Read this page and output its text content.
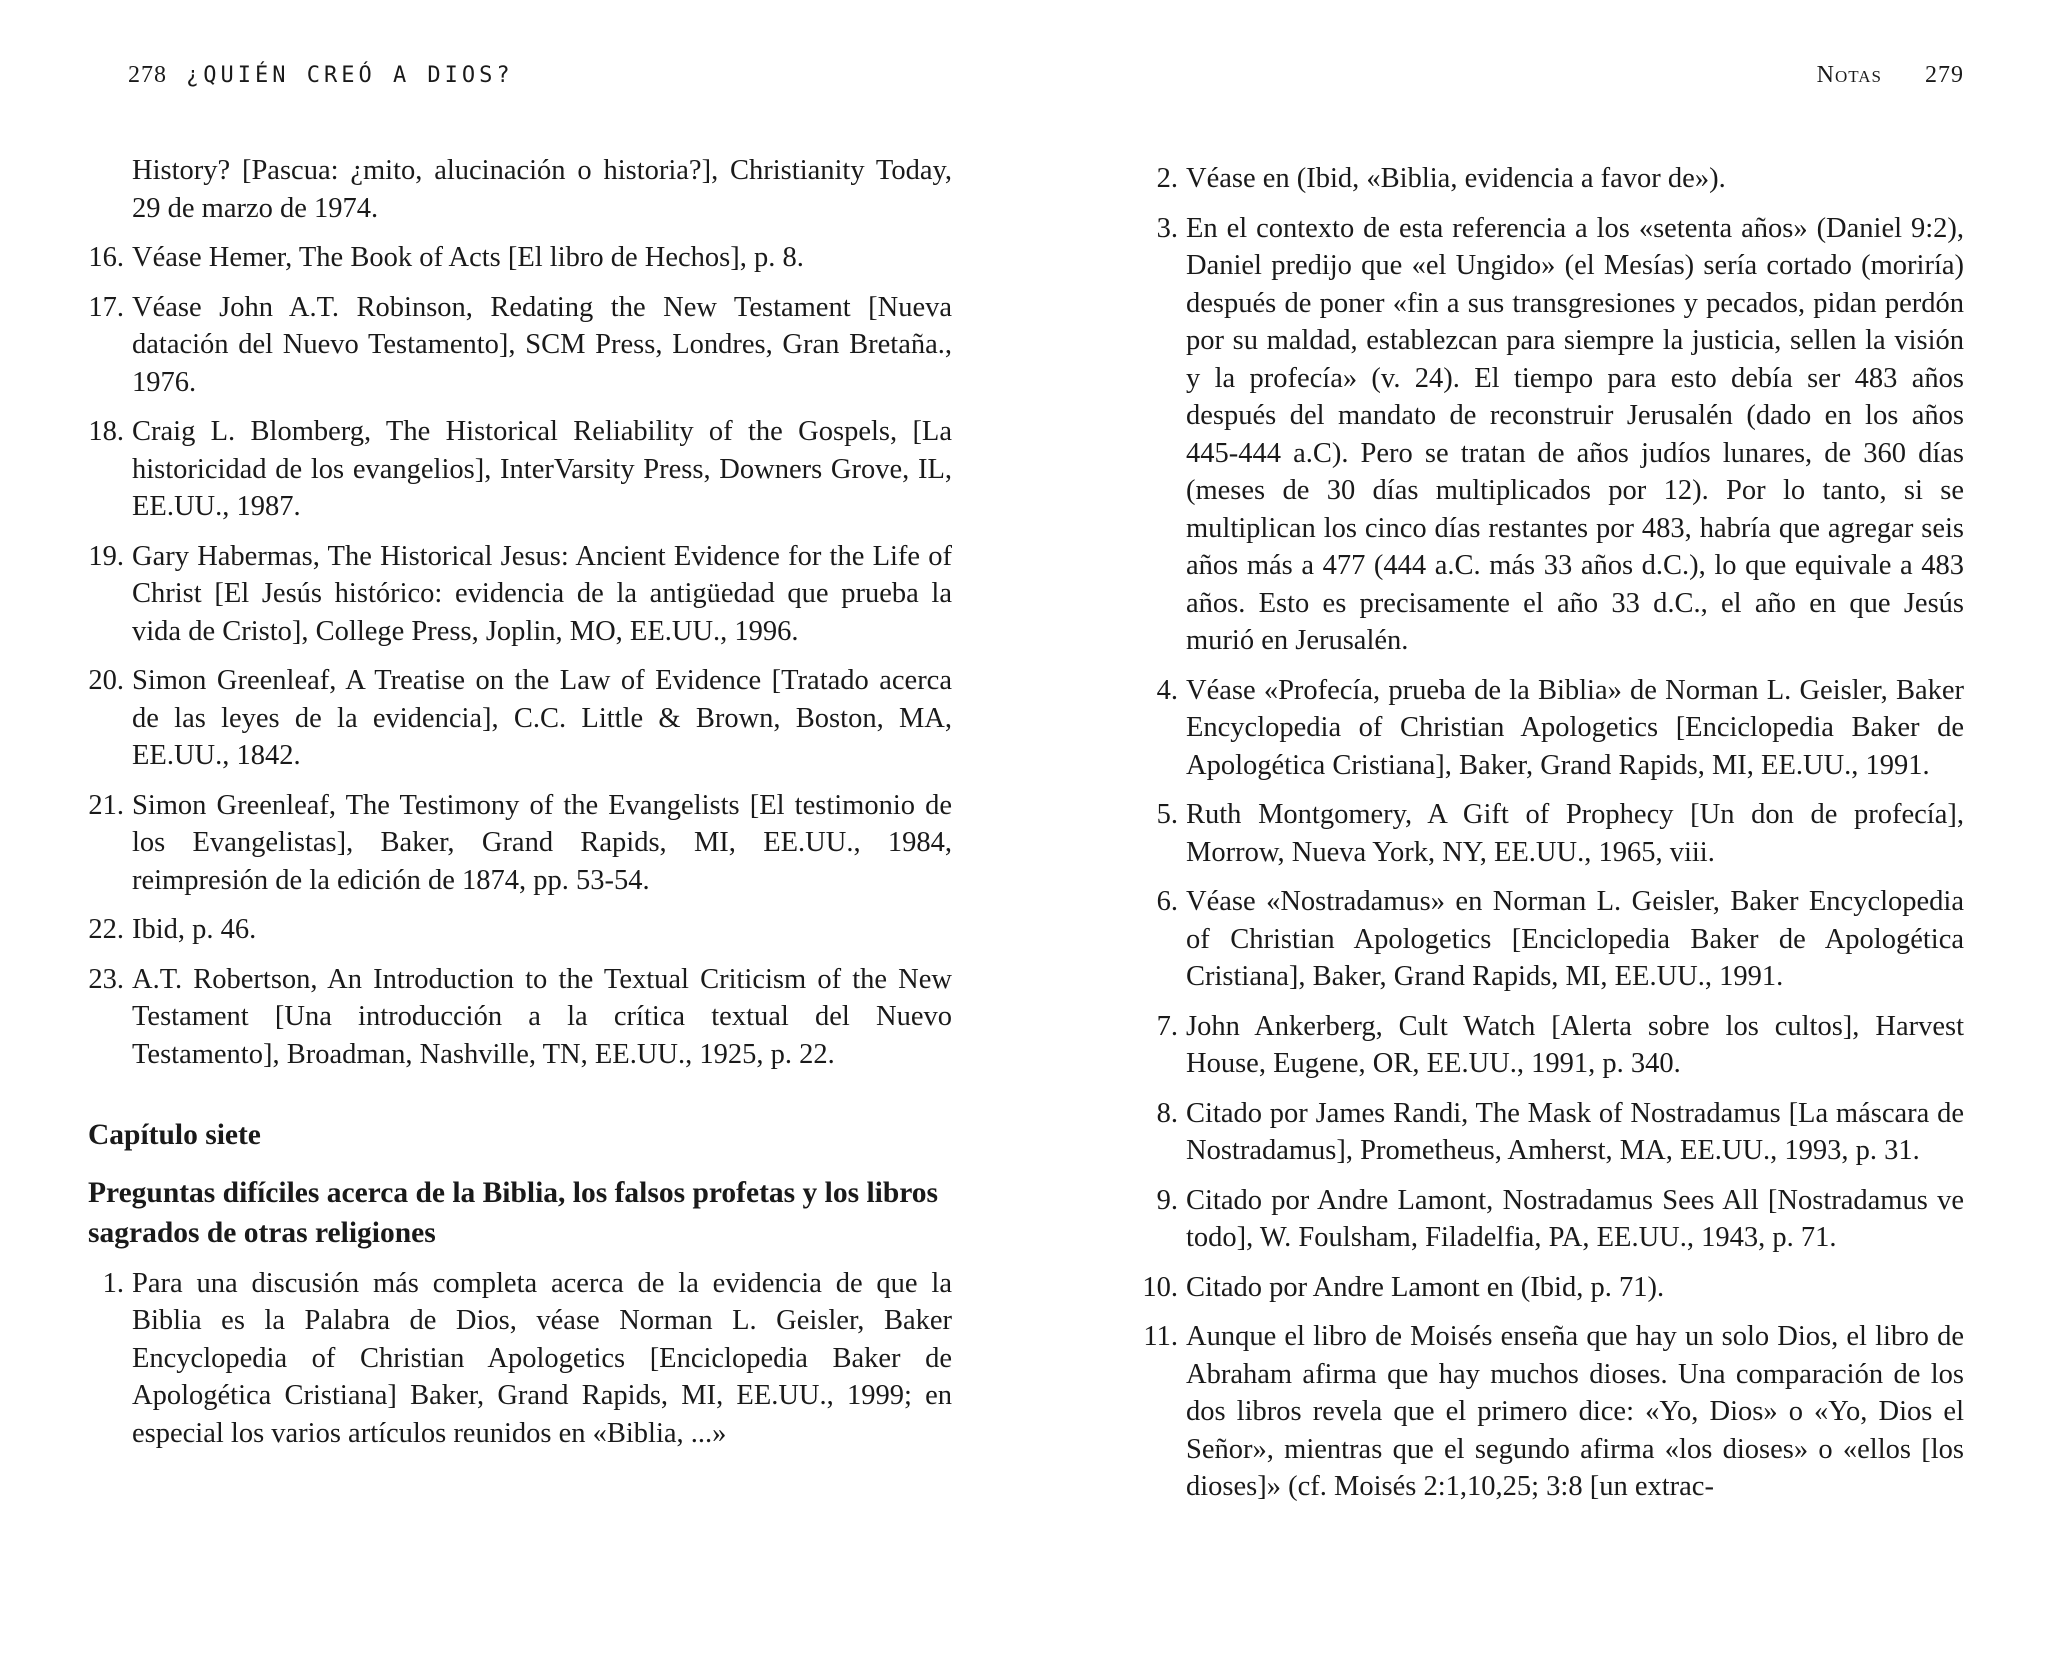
278 ¿QUIÉN CREÓ A DIOS?
History? [Pascua: ¿mito, alucinación o historia?], Christianity Today, 29 de marzo de 1974.
16. Véase Hemer, The Book of Acts [El libro de Hechos], p. 8.
17. Véase John A.T. Robinson, Redating the New Testament [Nueva datación del Nuevo Testamento], SCM Press, Londres, Gran Bretaña., 1976.
18. Craig L. Blomberg, The Historical Reliability of the Gospels, [La historicidad de los evangelios], InterVarsity Press, Downers Grove, IL, EE.UU., 1987.
19. Gary Habermas, The Historical Jesus: Ancient Evidence for the Life of Christ [El Jesús histórico: evidencia de la antigüedad que prueba la vida de Cristo], College Press, Joplin, MO, EE.UU., 1996.
20. Simon Greenleaf, A Treatise on the Law of Evidence [Tratado acerca de las leyes de la evidencia], C.C. Little & Brown, Boston, MA, EE.UU., 1842.
21. Simon Greenleaf, The Testimony of the Evangelists [El testimonio de los Evangelistas], Baker, Grand Rapids, MI, EE.UU., 1984, reimpresión de la edición de 1874, pp. 53-54.
22. Ibid, p. 46.
23. A.T. Robertson, An Introduction to the Textual Criticism of the New Testament [Una introducción a la crítica textual del Nuevo Testamento], Broadman, Nashville, TN, EE.UU., 1925, p. 22.
Capítulo siete
Preguntas difíciles acerca de la Biblia, los falsos profetas y los libros sagrados de otras religiones
1. Para una discusión más completa acerca de la evidencia de que la Biblia es la Palabra de Dios, véase Norman L. Geisler, Baker Encyclopedia of Christian Apologetics [Enciclopedia Baker de Apologética Cristiana] Baker, Grand Rapids, MI, EE.UU., 1999; en especial los varios artículos reunidos en «Biblia, ...»
Notas 279
2. Véase en (Ibid, «Biblia, evidencia a favor de»).
3. En el contexto de esta referencia a los «setenta años» (Daniel 9:2), Daniel predijo que «el Ungido» (el Mesías) sería cortado (moriría) después de poner «fin a sus transgresiones y pecados, pidan perdón por su maldad, establezcan para siempre la justicia, sellen la visión y la profecía» (v. 24). El tiempo para esto debía ser 483 años después del mandato de reconstruir Jerusalén (dado en los años 445-444 a.C). Pero se tratan de años judíos lunares, de 360 días (meses de 30 días multiplicados por 12). Por lo tanto, si se multiplican los cinco días restantes por 483, habría que agregar seis años más a 477 (444 a.C. más 33 años d.C.), lo que equivale a 483 años. Esto es precisamente el año 33 d.C., el año en que Jesús murió en Jerusalén.
4. Véase «Profecía, prueba de la Biblia» de Norman L. Geisler, Baker Encyclopedia of Christian Apologetics [Enciclopedia Baker de Apologética Cristiana], Baker, Grand Rapids, MI, EE.UU., 1991.
5. Ruth Montgomery, A Gift of Prophecy [Un don de profecía], Morrow, Nueva York, NY, EE.UU., 1965, viii.
6. Véase «Nostradamus» en Norman L. Geisler, Baker Encyclopedia of Christian Apologetics [Enciclopedia Baker de Apologética Cristiana], Baker, Grand Rapids, MI, EE.UU., 1991.
7. John Ankerberg, Cult Watch [Alerta sobre los cultos], Harvest House, Eugene, OR, EE.UU., 1991, p. 340.
8. Citado por James Randi, The Mask of Nostradamus [La máscara de Nostradamus], Prometheus, Amherst, MA, EE.UU., 1993, p. 31.
9. Citado por Andre Lamont, Nostradamus Sees All [Nostradamus ve todo], W. Foulsham, Filadelfia, PA, EE.UU., 1943, p. 71.
10. Citado por Andre Lamont en (Ibid, p. 71).
11. Aunque el libro de Moisés enseña que hay un solo Dios, el libro de Abraham afirma que hay muchos dioses. Una comparación de los dos libros revela que el primero dice: «Yo, Dios» o «Yo, Dios el Señor», mientras que el segundo afirma «los dioses» o «ellos [los dioses]» (cf. Moisés 2:1,10,25; 3:8 [un extrac-
